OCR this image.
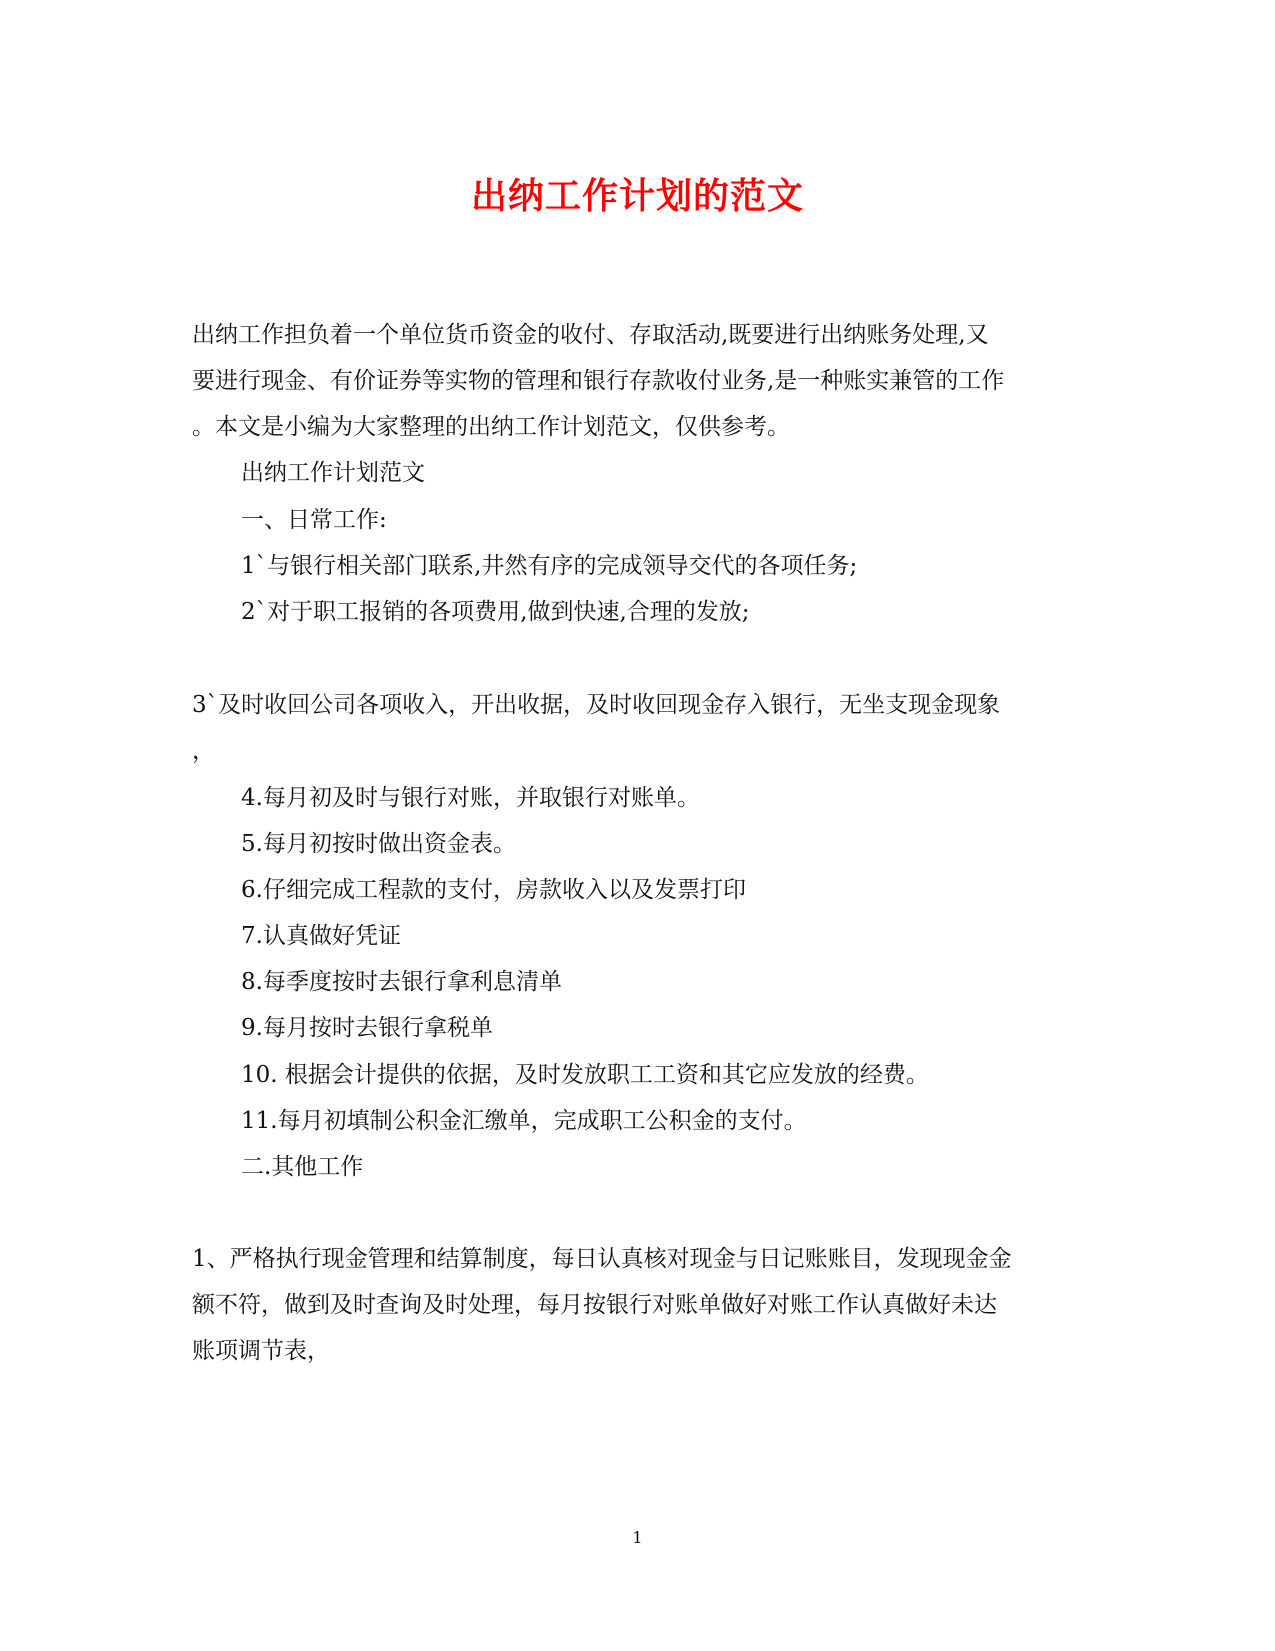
出纳工作计划的范文
出纳工作担负着一个单位货币资金的收付、存取活动,既要进行出纳账务处理,又
要进行现金、有价证券等实物的管理和银行存款收付业务,是一种账实兼管的工作
。本文是小编为大家整理的出纳工作计划范文，仅供参考。
出纳工作计划范文
一、日常工作:
1`与银行相关部门联系,井然有序的完成领导交代的各项任务;
2`对于职工报销的各项费用,做到快速,合理的发放;
3`及时收回公司各项收入，开出收据，及时收回现金存入银行，无坐支现金现象
，
4.每月初及时与银行对账，并取银行对账单。
5.每月初按时做出资金表。
6.仔细完成工程款的支付，房款收入以及发票打印
7.认真做好凭证
8.每季度按时去银行拿利息清单
9.每月按时去银行拿税单
10. 根据会计提供的依据，及时发放职工工资和其它应发放的经费。
11.每月初填制公积金汇缴单，完成职工公积金的支付。
二.其他工作
1、严格执行现金管理和结算制度，每日认真核对现金与日记账账目，发现现金金
额不符，做到及时查询及时处理，每月按银行对账单做好对账工作认真做好未达
账项调节表，
1
